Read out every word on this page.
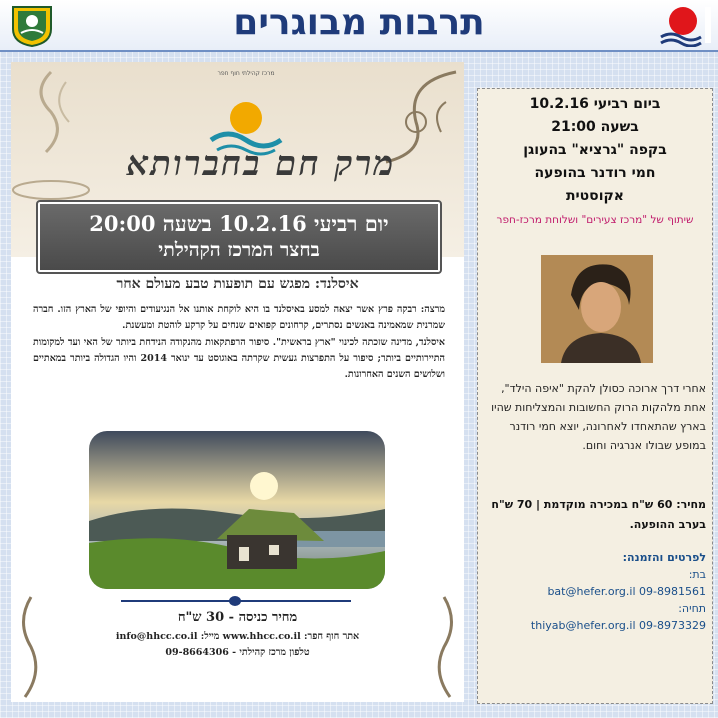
תרבות מבוגרים
מרכז קהילתי חוף חפר
מרק חם בחברותא
יום רביעי 10.2.16 בשעה 20:00
בחצר המרכז הקהילתי
איסלנד: מפגש עם תופעות טבע מעולם אחר

מרצה: רבקה פרץ אשר יצאה למסע באיסלנד בו היא לוקחת אותנו אל הנגיעודים והיופי של הארץ הזו. חברה שמרנית שמאמינה באנשים נסתרים, קרחונים קפואים שנחים על קרקע לוהטת ומעשנת.

איסלנד, מדינה שזכתה לכינוי "ארץ בראשית". סיפור הרפתקאות מהנקודה הנידחת ביותר של האי ועד למקומות התיירותיים ביותר; סיפור על התפרצות געשית שקרתה באוגוסט עד ינואר 2014 והיו הגדולה ביותר במאתיים ושלושים השנים האחרונות.

מחיר כניסה - 30 ש"ח
אתר חוף חפר: www.hhcc.co.il מייל: info@hhcc.co.il
טלפון מרכז קהילתי - 09-8664306
ביום רביעי 10.2.16
בשעה 21:00
בקפה "גרציא" בהעוגן
חמי רודנר בהופעה
אקוסטית
שיתוף של "מרכז צעירים" ושלוחת מרכז-חפר
אחרי דרך ארוכה כסולן להקת "איפה הילד", אחת מלהקות הרוק החשובות והמצליחות שהיו בארץ שהתאחדו לאחרונה, יוצא חמי רודנר במופע שבולו אנרגיה וחום.
מחיר: 60 ש"ח במכירה מוקדמת | 70 ש"ח בערב ההופעה.
לפרטים והזמנה:
בת:
09-8981561 bat@hefer.org.il
תחיה:
09-8973329 thiyab@hefer.org.il
